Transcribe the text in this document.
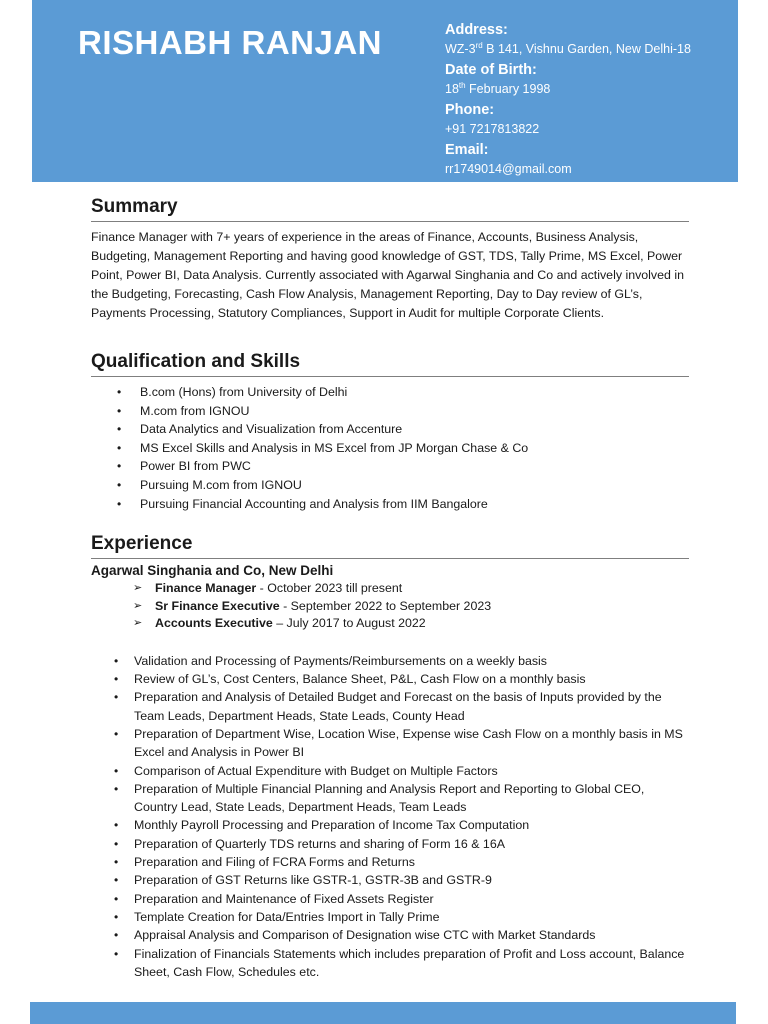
RISHABH RANJAN	Address:
WZ-3rd B 141, Vishnu Garden, New Delhi-18
Date of Birth:
18th February 1998
Phone:
+91 7217813822
Email:
rr1749014@gmail.com
Summary

Finance Manager with 7+ years of experience in the areas of Finance, Accounts, Business Analysis, Budgeting, Management Reporting and having good knowledge of GST, TDS, Tally Prime, MS Excel, Power Point, Power BI, Data Analysis. Currently associated with Agarwal Singhania and Co and actively involved in the Budgeting, Forecasting, Cash Flow Analysis, Management Reporting, Day to Day review of GL’s, Payments Processing, Statutory Compliances, Support in Audit for multiple Corporate Clients.

Qualification and Skills
• B.com (Hons) from University of Delhi
• M.com from IGNOU
• Data Analytics and Visualization from Accenture
• MS Excel Skills and Analysis in MS Excel from JP Morgan Chase & Co
• Power BI from PWC
• Pursuing M.com from IGNOU
• Pursuing Financial Accounting and Analysis from IIM Bangalore
Experience
Agarwal Singhania and Co, New Delhi
➢ Finance Manager - October 2023 till present
➢ Sr Finance Executive - September 2022 to September 2023
➢ Accounts Executive – July 2017 to August 2022
• Validation and Processing of Payments/Reimbursements on a weekly basis
• Review of GL’s, Cost Centers, Balance Sheet, P&L, Cash Flow on a monthly basis
• Preparation and Analysis of Detailed Budget and Forecast on the basis of Inputs provided by the Team Leads, Department Heads, State Leads, County Head
• Preparation of Department Wise, Location Wise, Expense wise Cash Flow on a monthly basis in MS Excel and Analysis in Power BI
• Comparison of Actual Expenditure with Budget on Multiple Factors
• Preparation of Multiple Financial Planning and Analysis Report and Reporting to Global CEO, Country Lead, State Leads, Department Heads, Team Leads
• Monthly Payroll Processing and Preparation of Income Tax Computation
• Preparation of Quarterly TDS returns and sharing of Form 16 & 16A
• Preparation and Filing of FCRA Forms and Returns
• Preparation of GST Returns like GSTR-1, GSTR-3B and GSTR-9
• Preparation and Maintenance of Fixed Assets Register
• Template Creation for Data/Entries Import in Tally Prime
• Appraisal Analysis and Comparison of Designation wise CTC with Market Standards
• Finalization of Financials Statements which includes preparation of Profit and Loss account, Balance Sheet, Cash Flow, Schedules etc.
